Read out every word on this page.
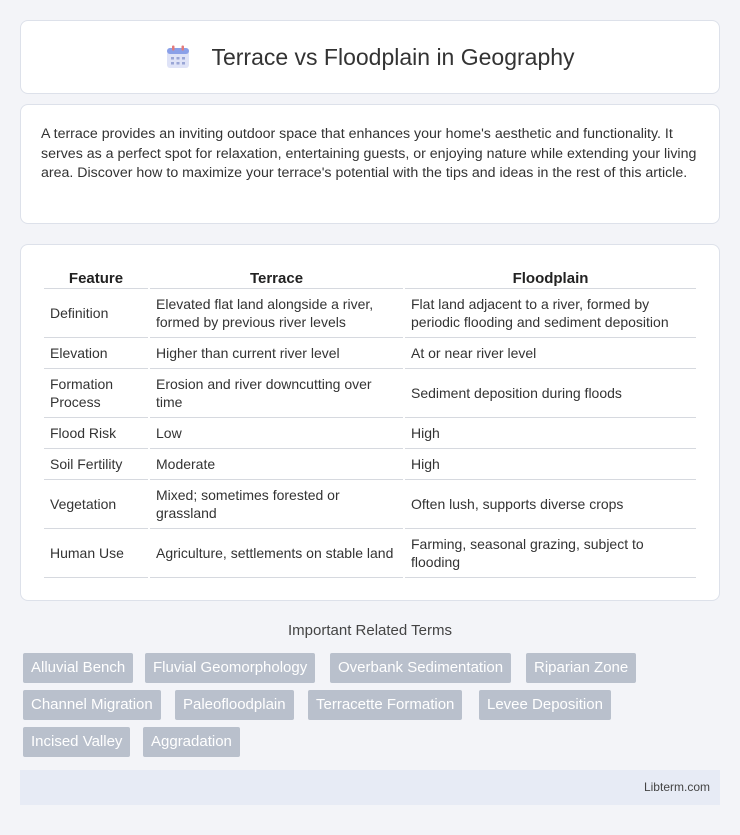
Terrace vs Floodplain in Geography

A terrace provides an inviting outdoor space that enhances your home's aesthetic and functionality. It serves as a perfect spot for relaxation, entertaining guests, or enjoying nature while extending your living area. Discover how to maximize your terrace's potential with the tips and ideas in the rest of this article.

Feature	Terrace	Floodplain
Definition	Elevated flat land alongside a river, formed by previous river levels	Flat land adjacent to a river, formed by periodic flooding and sediment deposition
Elevation	Higher than current river level	At or near river level
Formation Process	Erosion and river downcutting over time	Sediment deposition during floods
Flood Risk	Low	High
Soil Fertility	Moderate	High
Vegetation	Mixed; sometimes forested or grassland	Often lush, supports diverse crops
Human Use	Agriculture, settlements on stable land	Farming, seasonal grazing, subject to flooding
Important Related Terms
Alluvial Bench	Fluvial Geomorphology	Overbank Sedimentation	Riparian Zone
Channel Migration	Paleofloodplain	Terracette Formation	Levee Deposition
Incised Valley	Aggradation
Libterm.com
